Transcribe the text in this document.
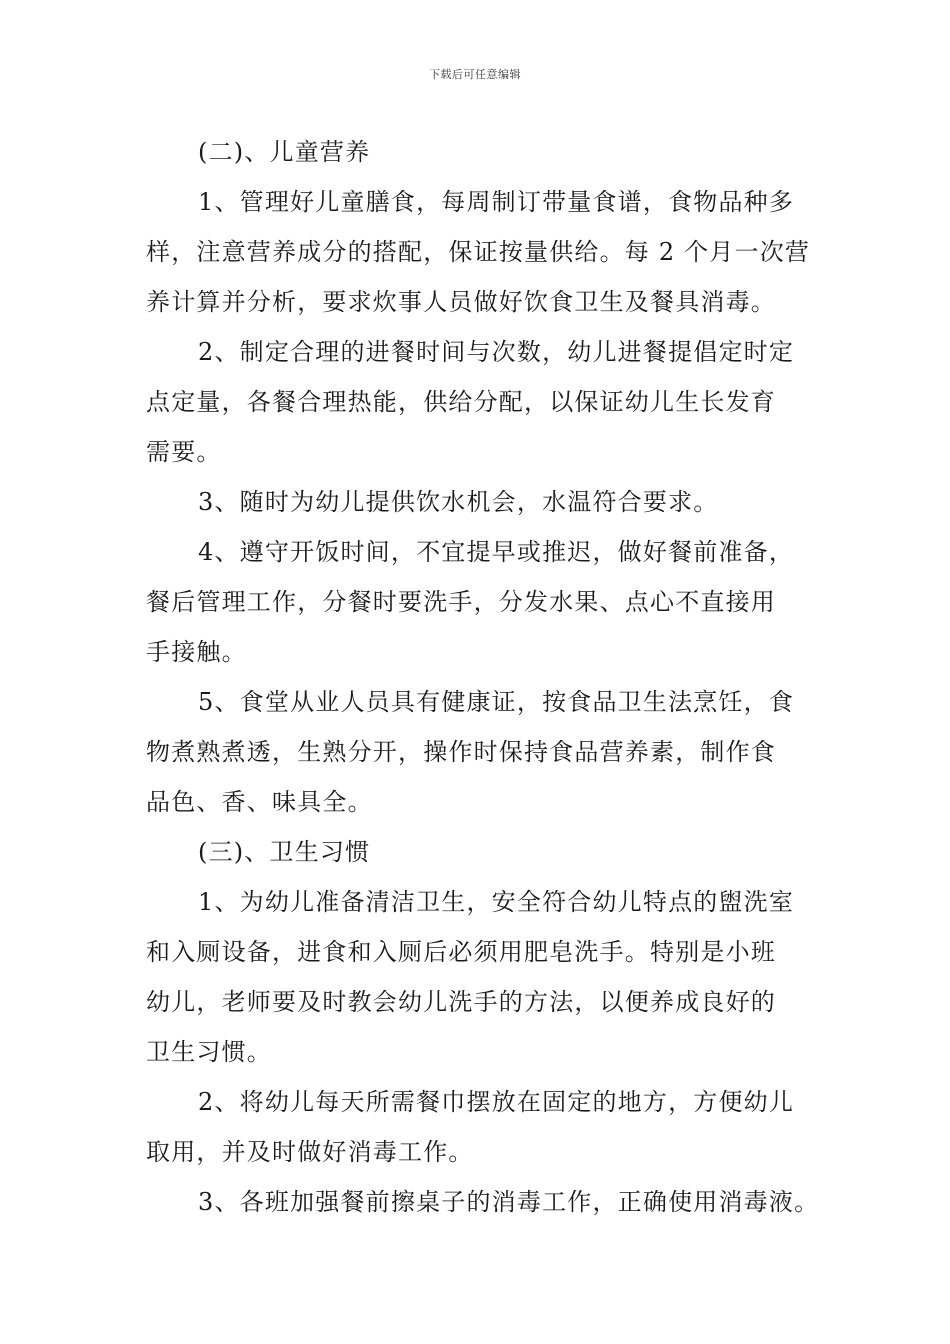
下载后可任意编辑
(二)、儿童营养
1、管理好儿童膳食，每周制订带量食谱，食物品种多
样，注意营养成分的搭配，保证按量供给。每 2 个月一次营
养计算并分析，要求炊事人员做好饮食卫生及餐具消毒。
2、制定合理的进餐时间与次数，幼儿进餐提倡定时定
点定量，各餐合理热能，供给分配，以保证幼儿生长发育
需要。
3、随时为幼儿提供饮水机会，水温符合要求。
4、遵守开饭时间，不宜提早或推迟，做好餐前准备，
餐后管理工作，分餐时要洗手，分发水果、点心不直接用
手接触。
5、食堂从业人员具有健康证，按食品卫生法烹饪，食
物煮熟煮透，生熟分开，操作时保持食品营养素，制作食
品色、香、味具全。
(三)、卫生习惯
1、为幼儿准备清洁卫生，安全符合幼儿特点的盥洗室
和入厕设备，进食和入厕后必须用肥皂洗手。特别是小班
幼儿，老师要及时教会幼儿洗手的方法，以便养成良好的
卫生习惯。
2、将幼儿每天所需餐巾摆放在固定的地方，方便幼儿
取用，并及时做好消毒工作。
3、各班加强餐前擦桌子的消毒工作，正确使用消毒液。
